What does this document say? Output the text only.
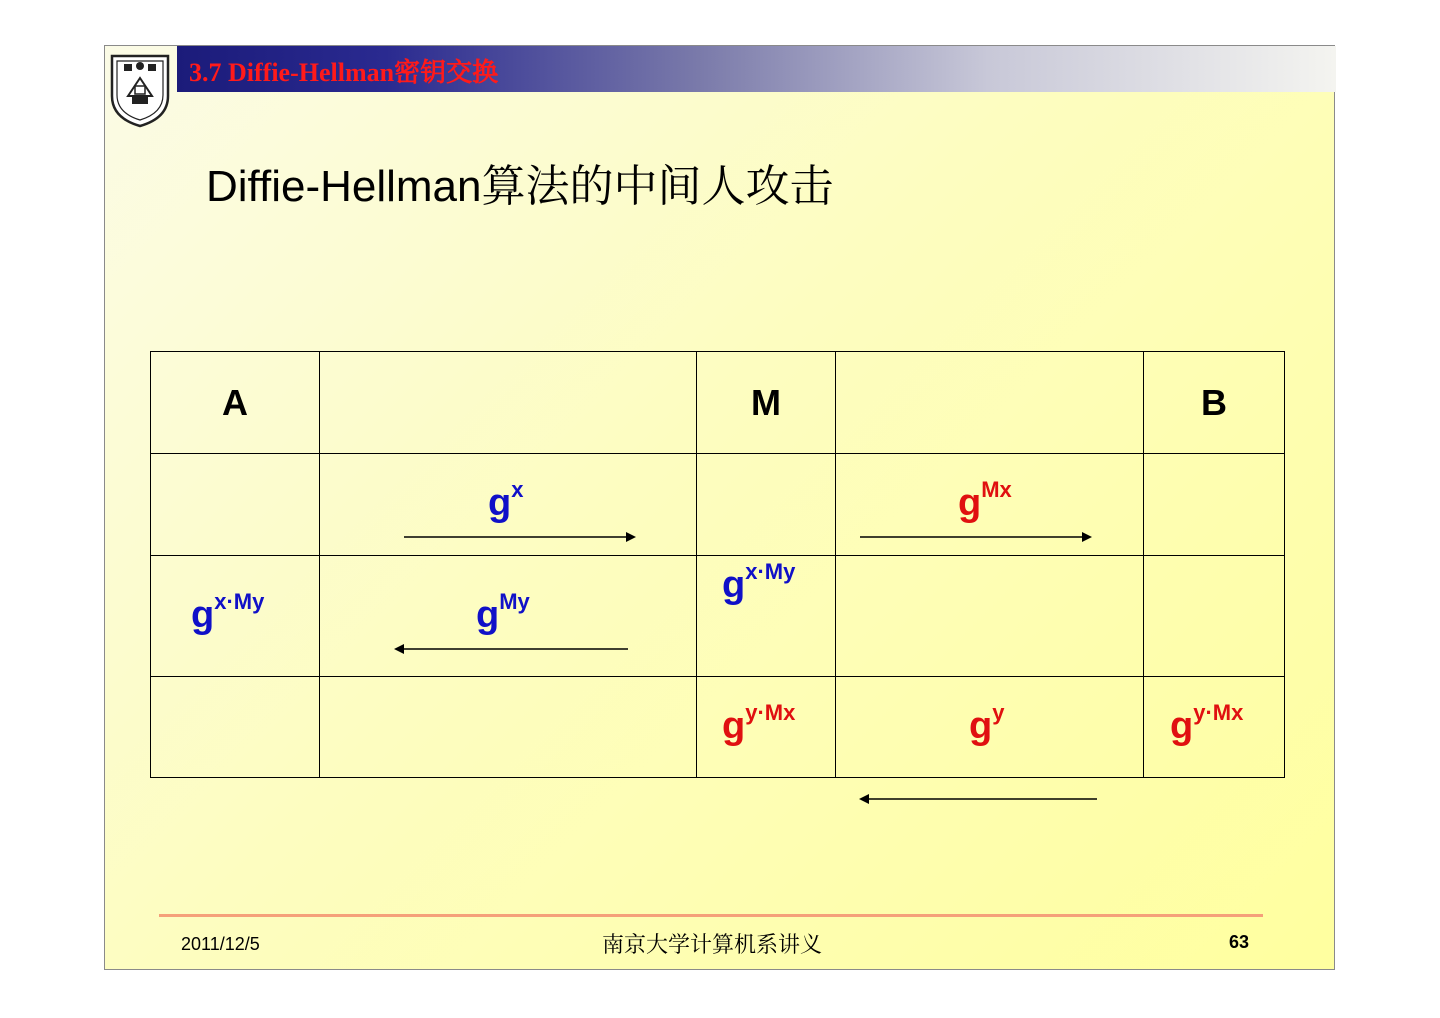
3.7 Diffie-Hellman密钥交换
Diffie-Hellman算法的中间人攻击
A		M		B

	$g^x$		$g^{Mx}$

$g^{x\cdot My}$	$g^{My}$	$g^{x\cdot My}$

		$g^{y\cdot Mx}$	$g^y$	$g^{y\cdot Mx}$
2011/12/5	南京大学计算机系讲义	63
